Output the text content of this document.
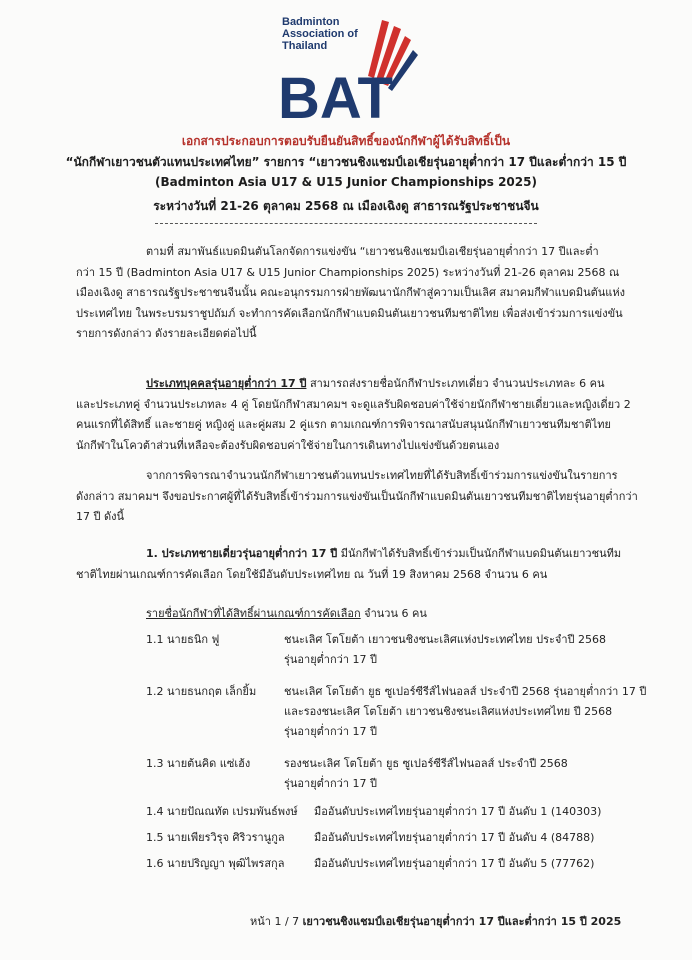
BAT
Badminton
Association of
Thailand
เอกสารประกอบการตอบรับยืนยันสิทธิ์ของนักกีฬาผู้ได้รับสิทธิ์เป็น
“นักกีฬาเยาวชนตัวแทนประเทศไทย” รายการ “เยาวชนชิงแชมป์เอเชียรุ่นอายุต่ำกว่า 17 ปีและต่ำกว่า 15 ปี
(Badminton Asia U17 & U15 Junior Championships 2025)
ระหว่างวันที่ 21-26 ตุลาคม 2568 ณ เมืองเฉิงดู สาธารณรัฐประชาชนจีน
ตามที่ สมาพันธ์แบดมินตันโลกจัดการแข่งขัน “เยาวชนชิงแชมป์เอเชียรุ่นอายุต่ำกว่า 17 ปีและต่ำ
กว่า 15 ปี (Badminton Asia U17 & U15 Junior Championships 2025) ระหว่างวันที่ 21-26 ตุลาคม 2568 ณ
เมืองเฉิงดู สาธารณรัฐประชาชนจีนนั้น คณะอนุกรรมการฝ่ายพัฒนานักกีฬาสู่ความเป็นเลิศ สมาคมกีฬาแบดมินตันแห่ง
ประเทศไทย ในพระบรมราชูปถัมภ์ จะทำการคัดเลือกนักกีฬาแบดมินตันเยาวชนทีมชาติไทย เพื่อส่งเข้าร่วมการแข่งขัน
รายการดังกล่าว ดังรายละเอียดต่อไปนี้
ประเภทบุคคลรุ่นอายุต่ำกว่า 17 ปี สามารถส่งรายชื่อนักกีฬาประเภทเดี่ยว จำนวนประเภทละ 6 คน
และประเภทคู่ จำนวนประเภทละ 4 คู่ โดยนักกีฬาสมาคมฯ จะดูแลรับผิดชอบค่าใช้จ่ายนักกีฬาชายเดี่ยวและหญิงเดี่ยว 2
คนแรกที่ได้สิทธิ์ และชายคู่ หญิงคู่ และคู่ผสม 2 คู่แรก ตามเกณฑ์การพิจารณาสนับสนุนนักกีฬาเยาวชนทีมชาติไทย
นักกีฬาในโควต้าส่วนที่เหลือจะต้องรับผิดชอบค่าใช้จ่ายในการเดินทางไปแข่งขันด้วยตนเอง
จากการพิจารณาจำนวนนักกีฬาเยาวชนตัวแทนประเทศไทยที่ได้รับสิทธิ์เข้าร่วมการแข่งขันในรายการ
ดังกล่าว สมาคมฯ จึงขอประกาศผู้ที่ได้รับสิทธิ์เข้าร่วมการแข่งขันเป็นนักกีฬาแบดมินตันเยาวชนทีมชาติไทยรุ่นอายุต่ำกว่า
17 ปี ดังนี้
1. ประเภทชายเดี่ยวรุ่นอายุต่ำกว่า 17 ปี มีนักกีฬาได้รับสิทธิ์เข้าร่วมเป็นนักกีฬาแบดมินตันเยาวชนทีม
ชาติไทยผ่านเกณฑ์การคัดเลือก โดยใช้มือันดับประเทศไทย ณ วันที่ 19 สิงหาคม 2568 จำนวน 6 คน
รายชื่อนักกีฬาที่ได้สิทธิ์ผ่านเกณฑ์การคัดเลือก จำนวน 6 คน
1.1 นายธนิก ฟู	ชนะเลิศ โตโยต้า เยาวชนชิงชนะเลิศแห่งประเทศไทย ประจำปี 2568
รุ่นอายุต่ำกว่า 17 ปี
1.2 นายธนกฤต เล็กยิ้ม	ชนะเลิศ โตโยต้า ยูธ ซูเปอร์ซีรีส์ไฟนอลส์ ประจำปี 2568 รุ่นอายุต่ำกว่า 17 ปี
และรองชนะเลิศ โตโยต้า เยาวชนชิงชนะเลิศแห่งประเทศไทย ปี 2568
รุ่นอายุต่ำกว่า 17 ปี
1.3 นายต้นคิด แซ่เฮ้ง	รองชนะเลิศ โตโยต้า ยูธ ซูเปอร์ซีรีส์ไฟนอลส์ ประจำปี 2568
รุ่นอายุต่ำกว่า 17 ปี
1.4 นายปัณณทัต เปรมพันธ์พงษ์ มืออันดับประเทศไทยรุ่นอายุต่ำกว่า 17 ปี อันดับ 1 (140303)
1.5 นายเพียรวิรุจ ศิริวรานูกูล	มืออันดับประเทศไทยรุ่นอายุต่ำกว่า 17 ปี อันดับ 4 (84788)
1.6 นายปริญญา พุฒิไพรสกุล	มืออันดับประเทศไทยรุ่นอายุต่ำกว่า 17 ปี อันดับ 5 (77762)
หน้า 1 / 7 เยาวชนชิงแชมป์เอเชียรุ่นอายุต่ำกว่า 17 ปีและต่ำกว่า 15 ปี 2025
